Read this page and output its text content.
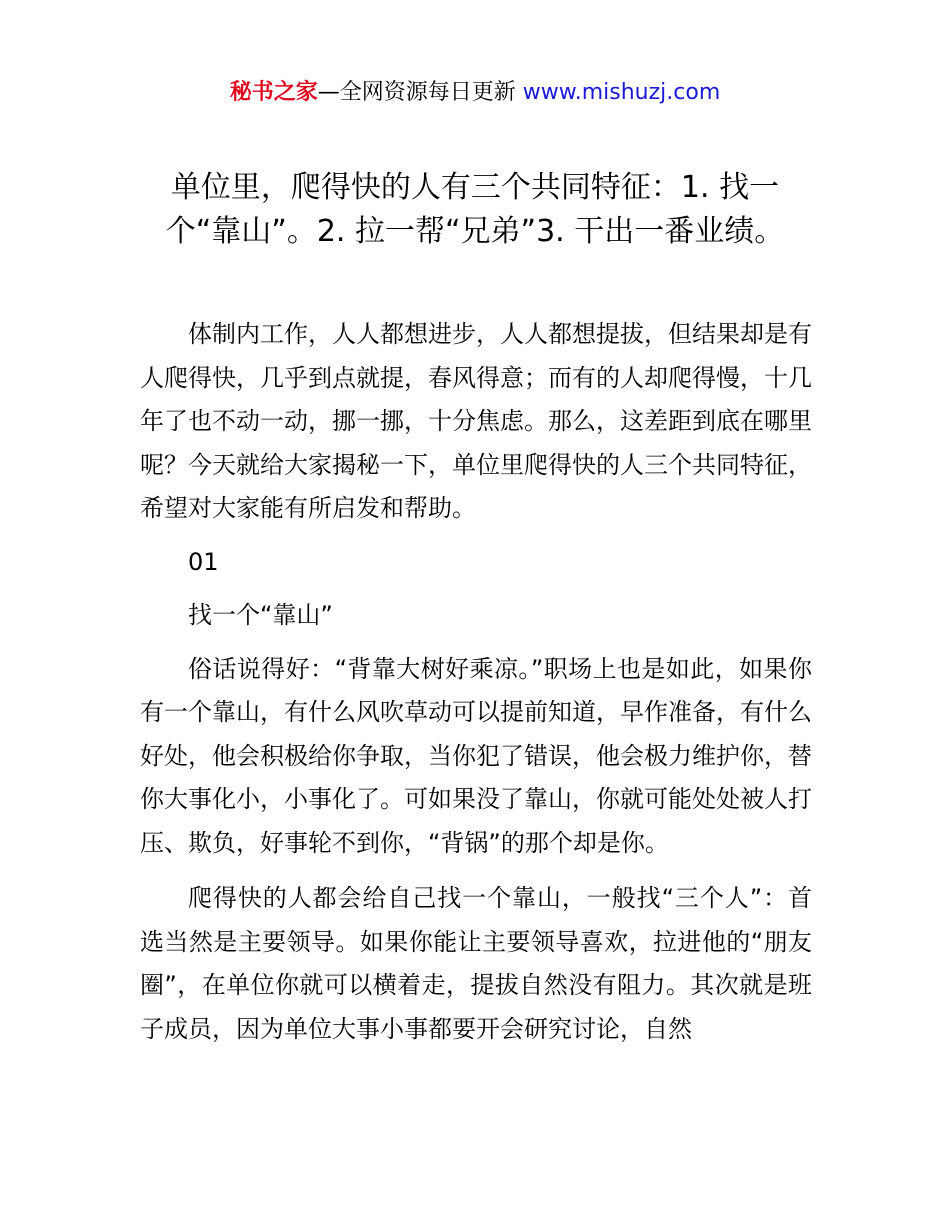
秘书之家—全网资源每日更新 www.mishuzj.com
单位里，爬得快的人有三个共同特征：1. 找一个“靠山”。2. 拉一帮“兄弟”3. 干出一番业绩。

体制内工作，人人都想进步，人人都想提拔，但结果却是有人爬得快，几乎到点就提，春风得意；而有的人却爬得慢，十几年了也不动一动，挪一挪，十分焦虑。那么，这差距到底在哪里呢？今天就给大家揭秘一下，单位里爬得快的人三个共同特征，希望对大家能有所启发和帮助。

01

找一个“靠山”

俗话说得好：“背靠大树好乘凉。”职场上也是如此，如果你有一个靠山，有什么风吹草动可以提前知道，早作准备，有什么好处，他会积极给你争取，当你犯了错误，他会极力维护你，替你大事化小，小事化了。可如果没了靠山，你就可能处处被人打压、欺负，好事轮不到你，“背锅”的那个却是你。

爬得快的人都会给自己找一个靠山，一般找“三个人”：首选当然是主要领导。如果你能让主要领导喜欢，拉进他的“朋友圈”，在单位你就可以横着走，提拔自然没有阻力。其次就是班子成员，因为单位大事小事都要开会研究讨论，自然
